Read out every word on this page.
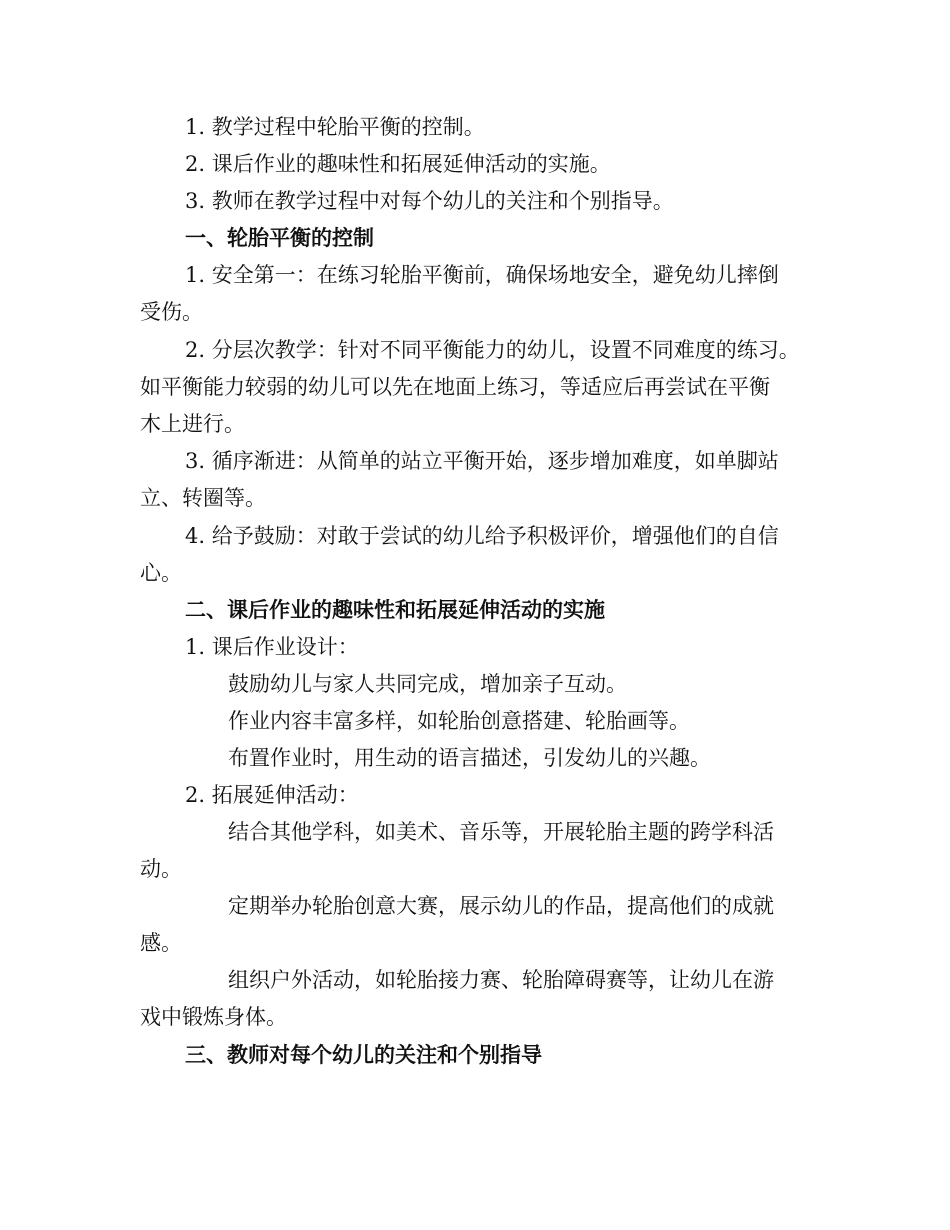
1. 教学过程中轮胎平衡的控制。
2. 课后作业的趣味性和拓展延伸活动的实施。
3. 教师在教学过程中对每个幼儿的关注和个别指导。
一、轮胎平衡的控制
1. 安全第一：在练习轮胎平衡前，确保场地安全，避免幼儿摔倒
受伤。
2. 分层次教学：针对不同平衡能力的幼儿，设置不同难度的练习。
如平衡能力较弱的幼儿可以先在地面上练习，等适应后再尝试在平衡
木上进行。
3. 循序渐进：从简单的站立平衡开始，逐步增加难度，如单脚站
立、转圈等。
4. 给予鼓励：对敢于尝试的幼儿给予积极评价，增强他们的自信
心。
二、课后作业的趣味性和拓展延伸活动的实施
1. 课后作业设计：
鼓励幼儿与家人共同完成，增加亲子互动。
作业内容丰富多样，如轮胎创意搭建、轮胎画等。
布置作业时，用生动的语言描述，引发幼儿的兴趣。
2. 拓展延伸活动：
结合其他学科，如美术、音乐等，开展轮胎主题的跨学科活
动。
定期举办轮胎创意大赛，展示幼儿的作品，提高他们的成就
感。
组织户外活动，如轮胎接力赛、轮胎障碍赛等，让幼儿在游
戏中锻炼身体。
三、教师对每个幼儿的关注和个别指导
